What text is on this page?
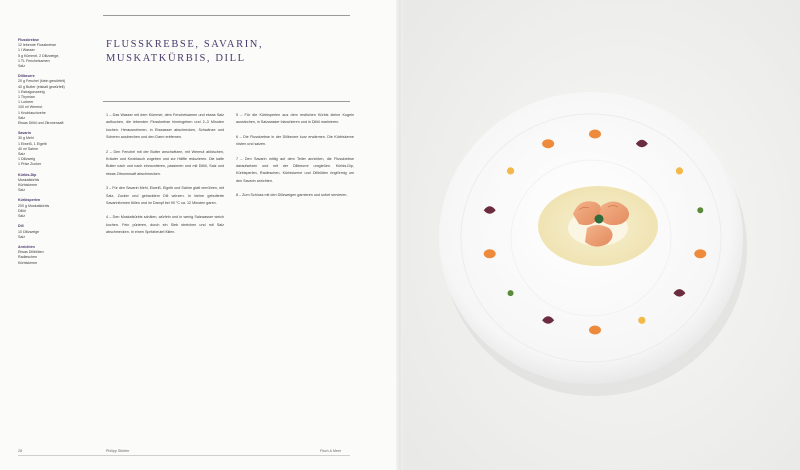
Flusskrebse
12 lebende Flusskrebse
1 l Wasser
5 g Kümmel, 2 Dillzweige,
1 TL Fenchelsamen
Salz
Dillbeurre
20 g Fenchel (klein gewürfelt)
40 g Butter (eiskalt gewürfelt)
1 Estragonzweig
1 Thymian
1 Lorbeer
100 ml Wermut
1 Knoblauchzehe
Salz
Etwas Dillöl und Zitronensaft
Savarin
30 g Mehl
1 Eiweiß, 1 Eigelb
40 ml Sahne
Salz
1 Dillzweig
1 Prise Zucker
Kürbis-Dip
Muskatkürbis
Kürbiskerne
Salz
Kürbisperlen
200 g Muskatkürbis
Dillöl
Salz
Dill
10 Dillzweige
Salz
Anrichten
Etwas Dillblüten
Radieschen
Kürbiskerne
FLUSSKREBSE, SAVARIN,
MUSKATKÜRBIS, DILL
1 – Das Wasser mit dem Kümmel, dem Fenchelsamen und etwas Salz aufkochen, die lebenden Flusskrebse hineingeben und 2–3 Minuten kochen. Herausnehmen, in Eiswasser abschrecken, Schwänze und Scheren ausbrechen und den Darm entfernen.
2 – Den Fenchel mit der Butter anschwitzen, mit Wermut ablöschen, Kräuter und Knoblauch zugeben und zur Hälfte reduzieren. Die kalte Butter nach und nach einmontieren, passieren und mit Dillöl, Salz und etwas Zitronensaft abschmecken.
3 – Für den Savarin Mehl, Eiweiß, Eigelb und Sahne glatt verrühren, mit Salz, Zucker und gehacktem Dill würzen. In kleine gebutterte Savarinformen füllen und im Dampf bei 90 °C ca. 12 Minuten garen.
4 – Den Muskatkürbis schälen, würfeln und in wenig Salzwasser weich kochen. Fein pürieren, durch ein Sieb streichen und mit Salz abschmecken. In einen Spritzbeutel füllen.
5 – Für die Kürbisperlen aus dem restlichen Kürbis kleine Kugeln ausstechen, in Salzwasser blanchieren und in Dillöl marinieren.
6 – Die Flusskrebse in der Dillbeurre kurz erwärmen. Die Kürbiskerne rösten und salzen.
7 – Den Savarin mittig auf dem Teller anrichten, die Flusskrebse daraufsetzen und mit der Dillbeurre umgießen. Kürbis-Dip, Kürbisperlen, Radieschen, Kürbiskerne und Dillblüten ringförmig um den Savarin anrichten.
8 – Zum Schluss mit den Dillzweigen garnieren und sofort servieren.
28	Philipp Stürtler	Fisch & Meer
